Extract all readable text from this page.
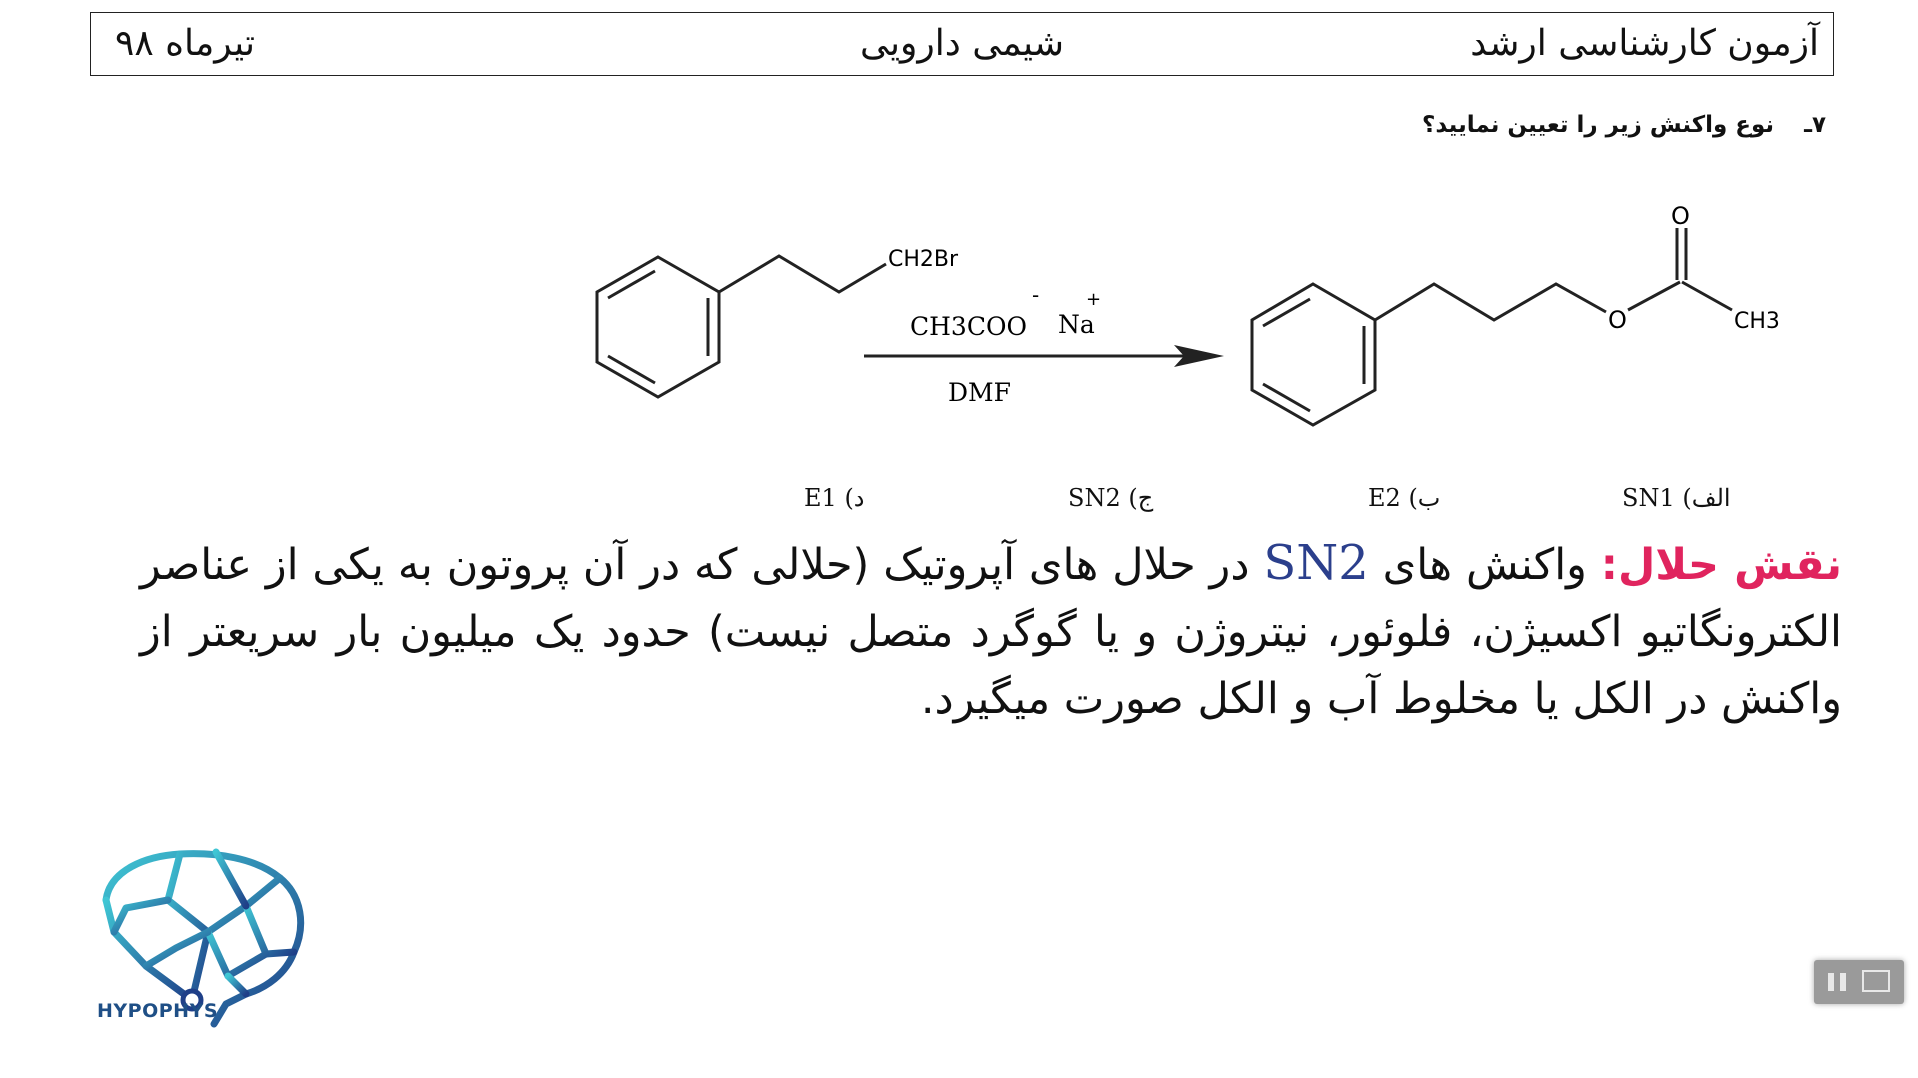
آزمون کارشناسی ارشد
شیمی دارویی
تیرماه ۹۸
۷ـ نوع واکنش زیر را تعیین نمایید؟
CH2Br
CH3COO
-
Na
+
DMF
O
O
CH3
الف) SN1
ب) E2
ج) SN2
د) E1
نقش حلال: واکنش های SN2 در حلال های آپروتیک (حلالی که در آن پروتون به یکی از عناصر الکترونگاتیو اکسیژن، فلوئور، نیتروژن و یا گوگرد متصل نیست) حدود یک میلیون بار سریعتر از واکنش در الکل یا مخلوط آب و الکل صورت میگیرد.
HYPOPHYS
